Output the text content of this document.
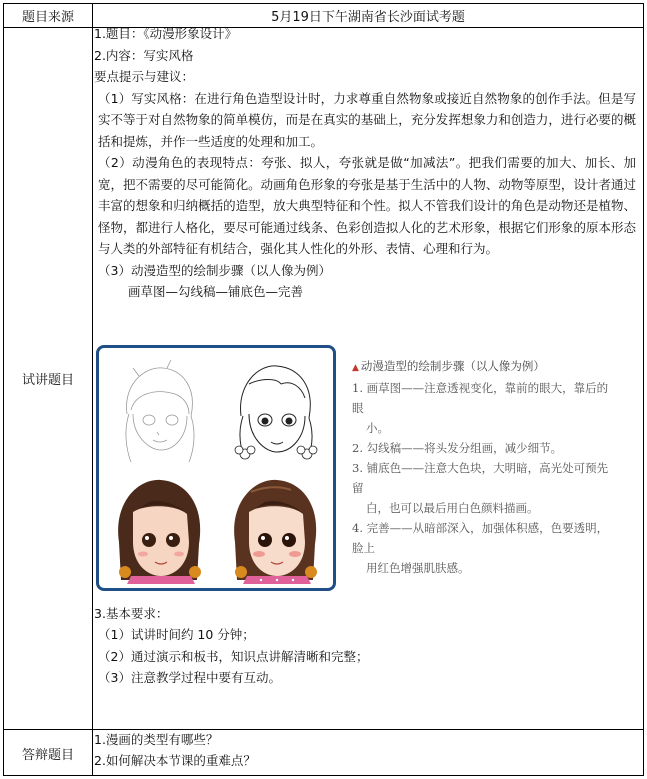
题目来源	5月19日下午湖南省长沙面试考题
试讲题目
答辩题目

1.题目：《动漫形象设计》

2.内容：写实风格

要点提示与建议：

（1）写实风格：在进行角色造型设计时，力求尊重自然物象或接近自然物象的创作手法。但是写实不等于对自然物象的简单模仿，而是在真实的基础上，充分发挥想象力和创造力，进行必要的概括和提炼，并作一些适度的处理和加工。

（2）动漫角色的表现特点：夸张、拟人，夸张就是做“加减法”。把我们需要的加大、加长、加宽，把不需要的尽可能简化。动画角色形象的夸张是基于生活中的人物、动物等原型，设计者通过丰富的想象和归纳概括的造型，放大典型特征和个性。拟人不管我们设计的角色是动物还是植物、怪物，都进行人格化，要尽可能通过线条、色彩创造拟人化的艺术形象，根据它们形象的原本形态与人类的外部特征有机结合，强化其人性化的外形、表情、心理和行为。

（3）动漫造型的绘制步骤（以人像为例）

画草图—勾线稿—铺底色—完善

3.基本要求：

（1）试讲时间约 10 分钟；

（2）通过演示和板书，知识点讲解清晰和完整；

（3）注意教学过程中要有互动。

▲ 动漫造型的绘制步骤（以人像为例）

1. 画草图——注意透视变化，靠前的眼大，靠后的眼

小。

2. 勾线稿——将头发分组画，减少细节。

3. 铺底色——注意大色块，大明暗，高光处可预先留

白，也可以最后用白色颜料描画。

4. 完善——从暗部深入，加强体积感，色要透明，脸上

用红色增强肌肤感。

1.漫画的类型有哪些？

2.如何解决本节课的重难点？
